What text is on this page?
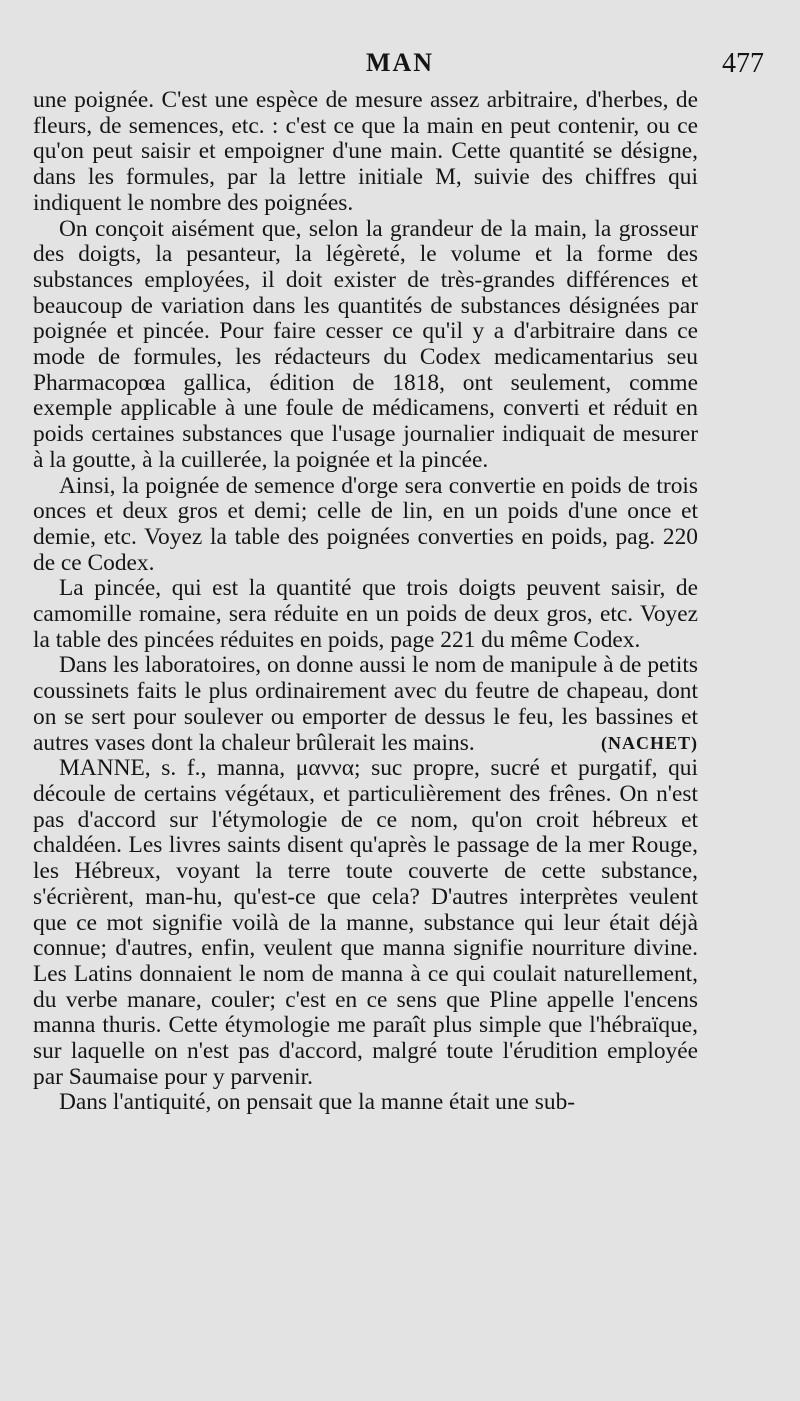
MAN	477

une poignée. C'est une espèce de mesure assez arbitraire, d'herbes, de fleurs, de semences, etc. : c'est ce que la main en peut contenir, ou ce qu'on peut saisir et empoigner d'une main. Cette quantité se désigne, dans les formules, par la lettre initiale M, suivie des chiffres qui indiquent le nombre des poignées.

On conçoit aisément que, selon la grandeur de la main, la grosseur des doigts, la pesanteur, la légèreté, le volume et la forme des substances employées, il doit exister de très-grandes différences et beaucoup de variation dans les quantités de substances désignées par poignée et pincée. Pour faire cesser ce qu'il y a d'arbitraire dans ce mode de formules, les rédacteurs du Codex medicamentarius seu Pharmacopœa gallica, édition de 1818, ont seulement, comme exemple applicable à une foule de médicamens, converti et réduit en poids certaines substances que l'usage journalier indiquait de mesurer à la goutte, à la cuillerée, la poignée et la pincée.

Ainsi, la poignée de semence d'orge sera convertie en poids de trois onces et deux gros et demi; celle de lin, en un poids d'une once et demie, etc. Voyez la table des poignées converties en poids, pag. 220 de ce Codex.

La pincée, qui est la quantité que trois doigts peuvent saisir, de camomille romaine, sera réduite en un poids de deux gros, etc. Voyez la table des pincées réduites en poids, page 221 du même Codex.

Dans les laboratoires, on donne aussi le nom de manipule à de petits coussinets faits le plus ordinairement avec du feutre de chapeau, dont on se sert pour soulever ou emporter de dessus le feu, les bassines et autres vases dont la chaleur brûlerait les mains.	(NACHET)

MANNE, s. f., manna, μαννα; suc propre, sucré et purgatif, qui découle de certains végétaux, et particulièrement des frênes. On n'est pas d'accord sur l'étymologie de ce nom, qu'on croit hébreux et chaldéen. Les livres saints disent qu'après le passage de la mer Rouge, les Hébreux, voyant la terre toute couverte de cette substance, s'écrièrent, man-hu, qu'est-ce que cela? D'autres interprètes veulent que ce mot signifie voilà de la manne, substance qui leur était déjà connue; d'autres, enfin, veulent que manna signifie nourriture divine. Les Latins donnaient le nom de manna à ce qui coulait naturellement, du verbe manare, couler; c'est en ce sens que Pline appelle l'encens manna thuris. Cette étymologie me paraît plus simple que l'hébraïque, sur laquelle on n'est pas d'accord, malgré toute l'érudition employée par Saumaise pour y parvenir.

Dans l'antiquité, on pensait que la manne était une sub-
